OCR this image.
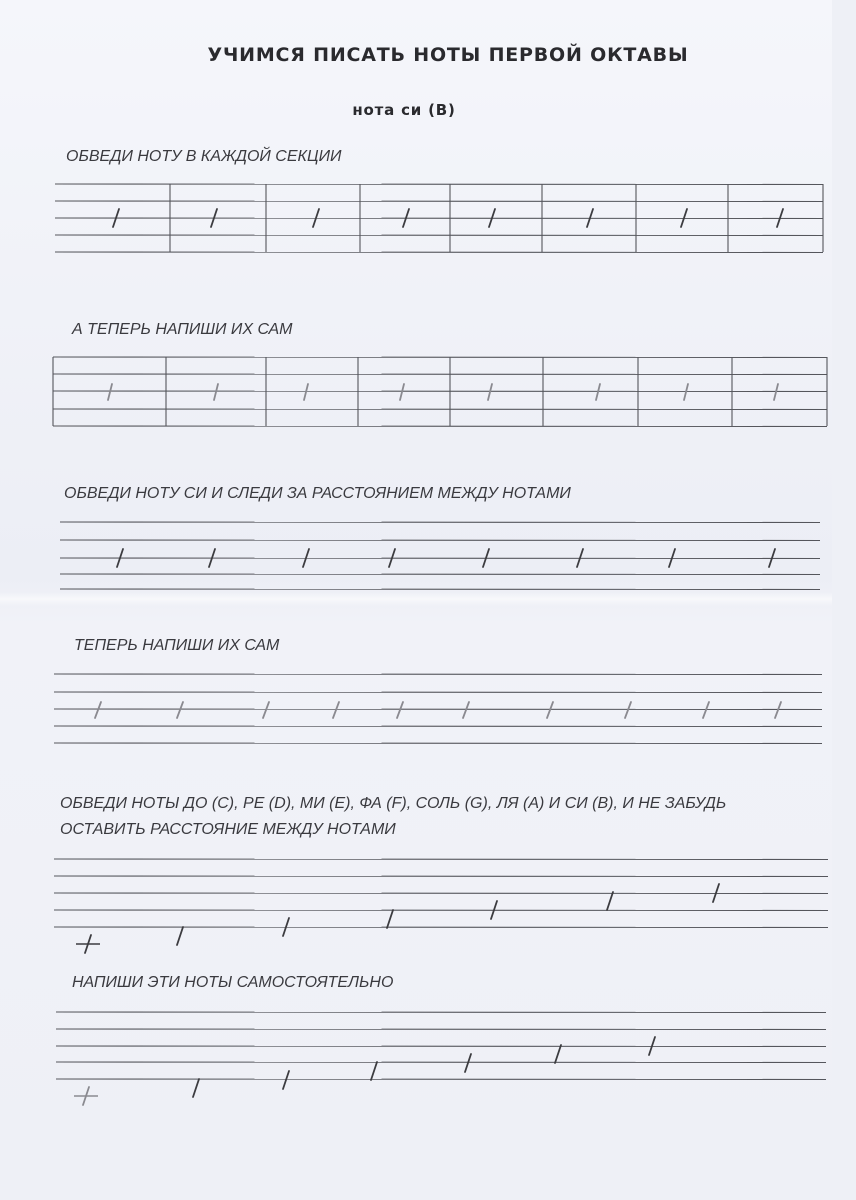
УЧИМСЯ ПИСАТЬ НОТЫ ПЕРВОЙ ОКТАВЫ
нота си (B)
ОБВЕДИ НОТУ В КАЖДОЙ СЕКЦИИ
А ТЕПЕРЬ НАПИШИ ИХ САМ
ОБВЕДИ НОТУ СИ И СЛЕДИ ЗА РАССТОЯНИЕМ МЕЖДУ НОТАМИ
ТЕПЕРЬ НАПИШИ ИХ САМ
ОБВЕДИ НОТЫ ДО (C), РЕ (D), МИ (E), ФА (F), СОЛЬ (G), ЛЯ (A) И СИ (B), И НЕ ЗАБУДЬ
ОСТАВИТЬ РАССТОЯНИЕ МЕЖДУ НОТАМИ
НАПИШИ ЭТИ НОТЫ САМОСТОЯТЕЛЬНО
